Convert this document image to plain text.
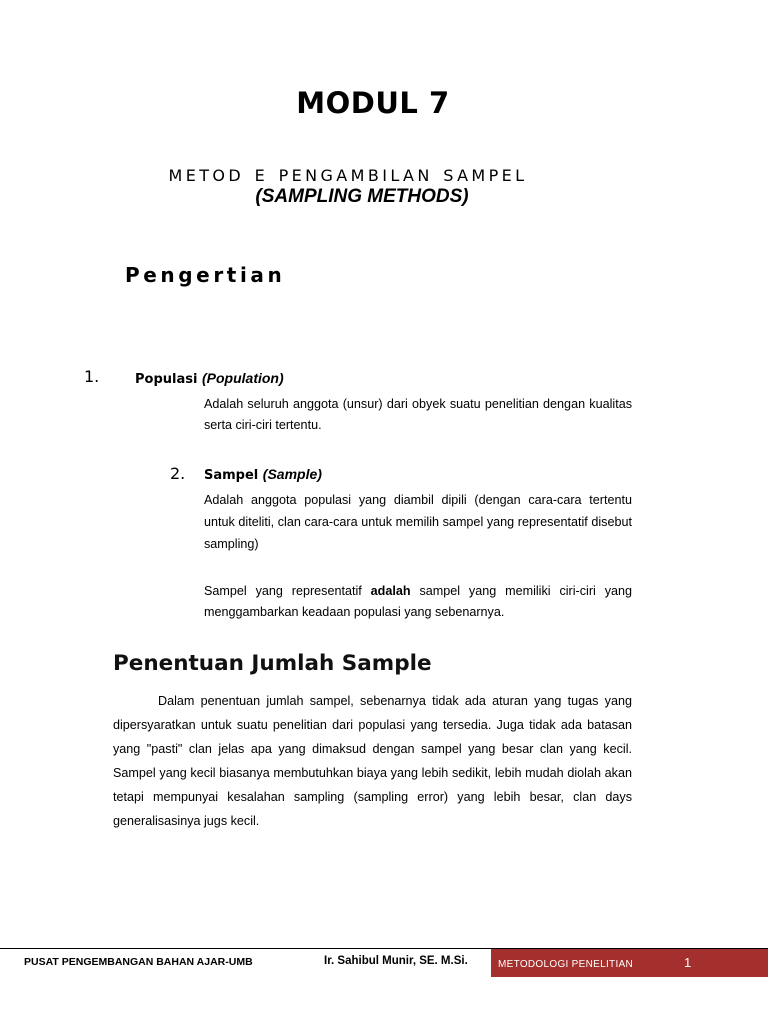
MODUL 7
METOD E PENGAMBILAN SAMPEL
(SAMPLING METHODS)
Pengertian
1.	Populasi (Population)
Adalah seluruh anggota (unsur) dari obyek suatu penelitian dengan kualitas serta ciri-ciri tertentu.
2. Sampel (Sample)
Adalah anggota populasi yang diambil dipili (dengan cara-cara tertentu untuk diteliti, clan cara-cara untuk memilih sampel yang representatif disebut sampling)
Sampel yang representatif adalah sampel yang memiliki ciri-ciri yang menggambarkan keadaan populasi yang sebenarnya.
Penentuan Jumlah Sample
Dalam penentuan jumlah sampel, sebenarnya tidak ada aturan yang tugas yang dipersyaratkan untuk suatu penelitian dari populasi yang tersedia. Juga tidak ada batasan yang "pasti" clan jelas apa yang dimaksud dengan sampel yang besar clan yang kecil. Sampel yang kecil biasanya membutuhkan biaya yang lebih sedikit, lebih mudah diolah akan tetapi mempunyai kesalahan sampling (sampling error) yang lebih besar, clan days generalisasinya jugs kecil.
PUSAT PENGEMBANGAN BAHAN AJAR-UMB	Ir. Sahibul Munir, SE. M.Si.	METODOLOGI PENELITIAN	1
